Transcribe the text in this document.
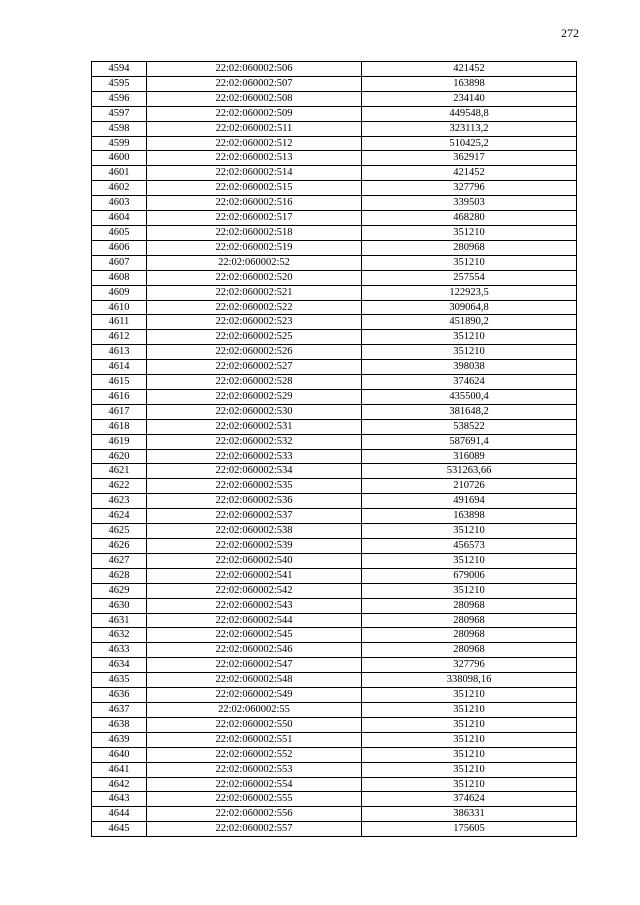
272
4594	22:02:060002:506	421452
4595	22:02:060002:507	163898
4596	22:02:060002:508	234140
4597	22:02:060002:509	449548,8
4598	22:02:060002:511	323113,2
4599	22:02:060002:512	510425,2
4600	22:02:060002:513	362917
4601	22:02:060002:514	421452
4602	22:02:060002:515	327796
4603	22:02:060002:516	339503
4604	22:02:060002:517	468280
4605	22:02:060002:518	351210
4606	22:02:060002:519	280968
4607	22:02:060002:52	351210
4608	22:02:060002:520	257554
4609	22:02:060002:521	122923,5
4610	22:02:060002:522	309064,8
4611	22:02:060002:523	451890,2
4612	22:02:060002:525	351210
4613	22:02:060002:526	351210
4614	22:02:060002:527	398038
4615	22:02:060002:528	374624
4616	22:02:060002:529	435500,4
4617	22:02:060002:530	381648,2
4618	22:02:060002:531	538522
4619	22:02:060002:532	587691,4
4620	22:02:060002:533	316089
4621	22:02:060002:534	531263,66
4622	22:02:060002:535	210726
4623	22:02:060002:536	491694
4624	22:02:060002:537	163898
4625	22:02:060002:538	351210
4626	22:02:060002:539	456573
4627	22:02:060002:540	351210
4628	22:02:060002:541	679006
4629	22:02:060002:542	351210
4630	22:02:060002:543	280968
4631	22:02:060002:544	280968
4632	22:02:060002:545	280968
4633	22:02:060002:546	280968
4634	22:02:060002:547	327796
4635	22:02:060002:548	338098,16
4636	22:02:060002:549	351210
4637	22:02:060002:55	351210
4638	22:02:060002:550	351210
4639	22:02:060002:551	351210
4640	22:02:060002:552	351210
4641	22:02:060002:553	351210
4642	22:02:060002:554	351210
4643	22:02:060002:555	374624
4644	22:02:060002:556	386331
4645	22:02:060002:557	175605
